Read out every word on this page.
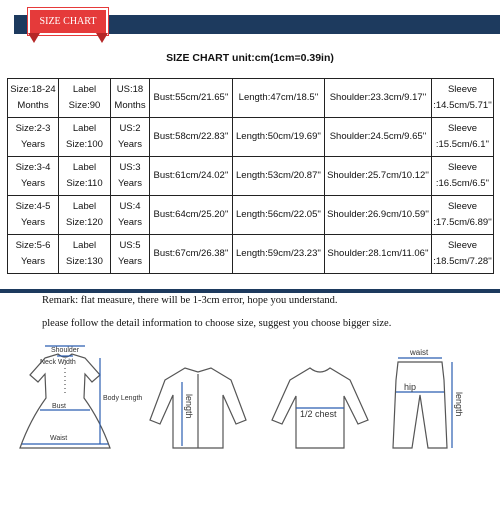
SIZE CHART
SIZE CHART unit:cm(1cm=0.39in)
Size:18-24 Months	Label Size:90	US:18 Months	Bust:55cm/21.65''	Length:47cm/18.5''	Shoulder:23.3cm/9.17''	Sleeve :14.5cm/5.71''
Size:2-3 Years	Label Size:100	US:2 Years	Bust:58cm/22.83''	Length:50cm/19.69''	Shoulder:24.5cm/9.65''	Sleeve :15.5cm/6.1''
Size:3-4 Years	Label Size:110	US:3 Years	Bust:61cm/24.02''	Length:53cm/20.87''	Shoulder:25.7cm/10.12''	Sleeve :16.5cm/6.5''
Size:4-5 Years	Label Size:120	US:4 Years	Bust:64cm/25.20''	Length:56cm/22.05''	Shoulder:26.9cm/10.59''	Sleeve :17.5cm/6.89''
Size:5-6 Years	Label Size:130	US:5 Years	Bust:67cm/26.38''	Length:59cm/23.23''	Shoulder:28.1cm/11.06''	Sleeve :18.5cm/7.28''
Remark: flat measure, there will be 1-3cm error, hope you understand.
please follow the detail information to choose size, suggest you choose bigger size.
Shoulder
Neck Width
Bust
Body Length
Waist
length	1/2 chest
waist
hip
length
